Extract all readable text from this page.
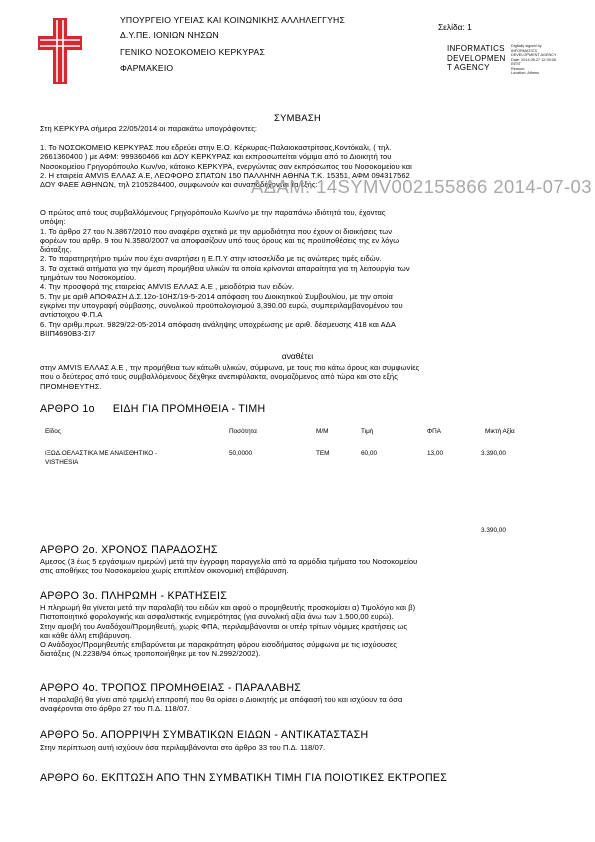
ΥΠΟΥΡΓΕΙΟ ΥΓΕΙΑΣ ΚΑΙ ΚΟΙΝΩΝΙΚΗΣ ΑΛΛΗΛΕΓΓΥΗΣ
Δ.Υ.ΠΕ. ΙΟΝΙΩΝ ΝΗΣΩΝ
ΓΕΝΙΚΟ ΝΟΣΟΚΟΜΕΙΟ ΚΕΡΚΥΡΑΣ
ΦΑΡΜΑΚΕΙΟ
Σελίδα: 1
INFORMATICS
DEVELOPMEN
T AGENCY
Digitally signed by
INFORMATICS
DEVELOPMENT AGENCY
Date: 2014.06.27 12:39:06
EEST
Reason:
Location: Athens
ΣΥΜΒΑΣΗ
Στη ΚΕΡΚΥΡΑ σήμερα 22/05/2014 οι παρακάτω υπογράφοντες:

1. Το ΝΟΣΟΚΟΜΕΙΟ ΚΕΡΚΥΡΑΣ που εδρεύει στην Ε.Ο. Κέρκυρας-Παλαιοκαστρίτσας,Κοντόκαλι, ( τηλ.

2661360400 ) με ΑΦΜ: 999360466 και ΔΟΥ ΚΕΡΚΥΡΑΣ και εκπροσωπείται νόμιμα από το Διοικητή του

Νοσοκομείου Γρηγορόπουλο Κων/νο, κάτοικο ΚΕΡΚΥΡΑ, ενεργώντας σαν εκπρόσωπος του Νοσοκομείου και

2. Η εταιρεία AMVIS ΕΛΛΑΣ Α.Ε, ΛΕΩΦΟΡΟ ΣΠΑΤΩΝ 150 ΠΑΛΛΗΝΗ ΑΘΗΝΑ Τ.Κ. 15351, ΑΦΜ 094317562

ΔΟΥ ΦΑΕΕ ΑΘΗΝΩΝ, τηλ 2105284400, συμφωνούν και συναποδέχονται τα εξής:

ΑΔΑΜ: 14SYMV002155866 2014-07-03

Ο πρώτος από τους συμβαλλόμενους Γρηγορόπουλο Κων/νο με την παραπάνω ιδιότητά του, έχοντας

υπόψη:

1. Το άρθρο 27 του Ν.3867/2010 που αναφέρει σχετικά με την αρμοδιότητα που έχουν οι διοικήσεις των

φορέων του αρθρ. 9 του Ν.3580/2007 να αποφασίζουν υπό τους όρους και τις προϋποθέσεις της εν λόγω

διάταξης.

2. Το παρατηρητήριο τιμών που έχει αναρτήσει η Ε.Π.Υ στην ιστοσελίδα με τις ανώτερες τιμές ειδών.

3. Τα σχετικά αιτήματα για την άμεση προμήθεια υλικών τα οποία κρίνονται απαραίτητα για τη λειτουργία των

τμημάτων του Νοσοκομείου.

4. Την προσφορά της εταιρείας AMVIS ΕΛΛΑΣ Α.Ε , μειοδότρια των ειδών.

5. Την με αριθ ΑΠΟΦΑΣΗ Δ.Σ.12ο-10ΗΣ/19-5-2014 απόφαση του Διοικητικού Συμβουλίου, με την οποία

εγκρίνει την υπογραφή σύμβασης, συνολικού προϋπολογισμού 3,390.00 ευρώ, συμπεριλαμβανομένου του

αντίστοιχου Φ.Π.Α

6. Την αριθμ.πρωτ. 9829/22-05-2014 απόφαση ανάληψης υποχρέωσης με αριθ. δέσμευσης 418 και ΑΔΑ

ΒΙΙΠ4690Β3-ΣΙ7

αναθέτει

στην AMVIS ΕΛΛΑΣ Α.Ε , την προμήθεια των κάτωθι υλικών, σύμφωνα, με τους πιο κάτω όρους και συμφωνίες

που ο δεύτερος από τους συμβαλλόμενους δέχθηκε ανεπιφύλακτα, ονομαζόμενος από τώρα και στο εξής

ΠΡΟΜΗΘΕΥΤΗΣ.

ΑΡΘΡΟ 1ο ΕΙΔΗ ΓΙΑ ΠΡΟΜΗΘΕΙΑ - ΤΙΜΗ
Είδος	Ποσότητα	Μ/Μ	Τιμή	ΦΠΑ	Μικτή Αξία
ΙΞΩΔ.ΟΕΛΑΣΤΙΚΑ ΜΕ ΑΝΑΙΣΘΗΤΙΚΟ -
VISTHESIA
50,0000	ΤΕΜ	60,00	13,00	3.390,00
3.390,00
ΑΡΘΡΟ 2ο. ΧΡΟΝΟΣ ΠΑΡΑΔΟΣΗΣ

Αμεσος (3 έως 5 εργάσιμων ημερών) μετά την έγγραφη παραγγελία από τα αρμόδια τμήματα του Νοσοκομείου

στις αποθήκες του Νοσοκομείου χωρίς επιπλέον οικονομική επιβάρυνση.

ΑΡΘΡΟ 3ο. ΠΛΗΡΩΜΗ - ΚΡΑΤΗΣΕΙΣ

Η πληρωμή θα γίνεται μετά την παραλαβή του ειδών και αφού ο προμηθευτής προσκομίσει α) Τιμολόγιο και β)

Πιστοποιητικό φορολογικής και ασφαλιστικής ενημερότητας (για συνολική αξία άνω των 1.500,00 ευρώ).

Στην αμοιβή του Αναδόχου/Προμηθευτή, χωρίς ΦΠΑ, περιλαμβάνονται οι υπέρ τρίτων νόμιμες κρατήσεις ως

και κάθε άλλη επιβάρυνση.

Ο Ανάδοχος/Προμηθευτής επιβαρύνεται με παρακράτηση φόρου εισοδήματος σύμφωνα με τις ισχύουσες

διατάξεις (Ν.2238/94 όπως τροποποιήθηκε με τον Ν.2992/2002).

ΑΡΘΡΟ 4ο. ΤΡΟΠΟΣ ΠΡΟΜΗΘΕΙΑΣ - ΠΑΡΑΛΑΒΗΣ

Η παραλαβή θα γίνει από τριμελή επιτροπή που θα ορίσει ο Διοικητής με απόφασή του και ισχύουν τα όσα

αναφέρονται στο άρθρο 27 του Π.Δ. 118/07.

ΑΡΘΡΟ 5ο. ΑΠΟΡΡΙΨΗ ΣΥΜΒΑΤΙΚΩΝ ΕΙΔΩΝ - ΑΝΤΙΚΑΤΑΣΤΑΣΗ

Στην περίπτωση αυτή ισχύουν όσα περιλαμβάνονται στο άρθρο 33 του Π.Δ. 118/07.

ΑΡΘΡΟ 6ο. ΕΚΠΤΩΣΗ ΑΠΟ ΤΗΝ ΣΥΜΒΑΤΙΚΗ ΤΙΜΗ ΓΙΑ ΠΟΙΟΤΙΚΕΣ ΕΚΤΡΟΠΕΣ
